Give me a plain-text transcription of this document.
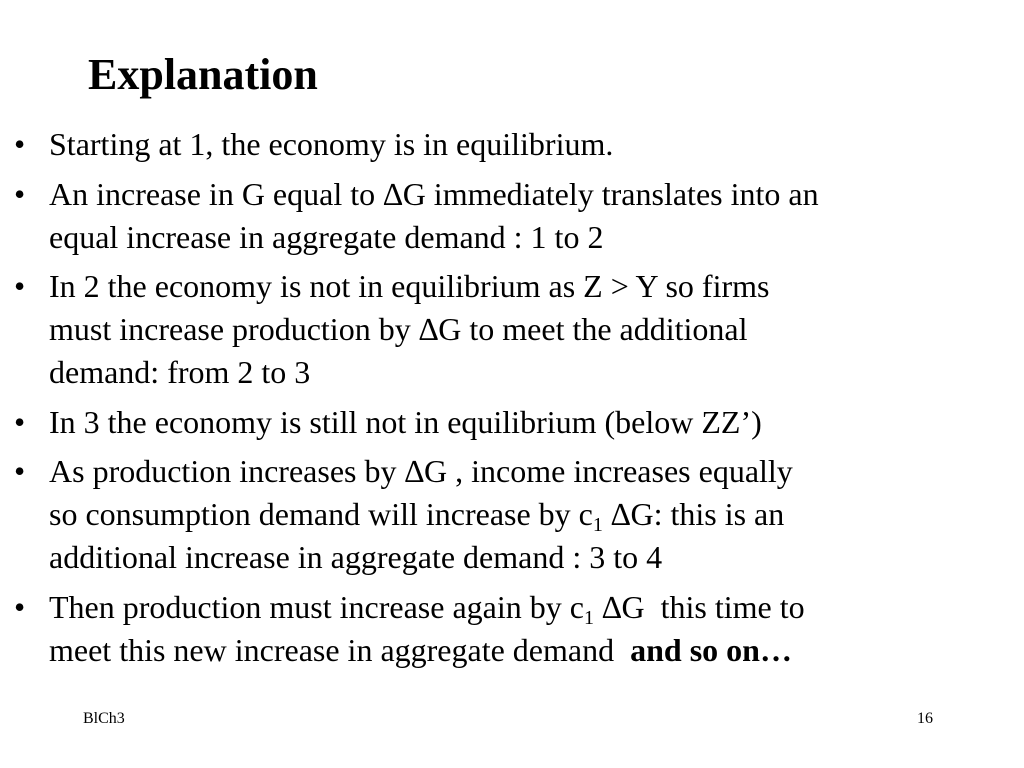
Explanation
• Starting at 1, the economy is in equilibrium.
• An increase in G equal to ∆G immediately translates into an
equal increase in aggregate demand : 1 to 2
• In 2 the economy is not in equilibrium as Z > Y so firms
must increase production by ∆G to meet the additional
demand: from 2 to 3
• In 3 the economy is still not in equilibrium (below ZZ’)
• As production increases by ∆G , income increases equally
so consumption demand will increase by $c_1$ ∆G: this is an
additional increase in aggregate demand : 3 to 4
• Then production must increase again by $c_1$ ∆G  this time to
meet this new increase in aggregate demand  and so on…
BlCh3	16
